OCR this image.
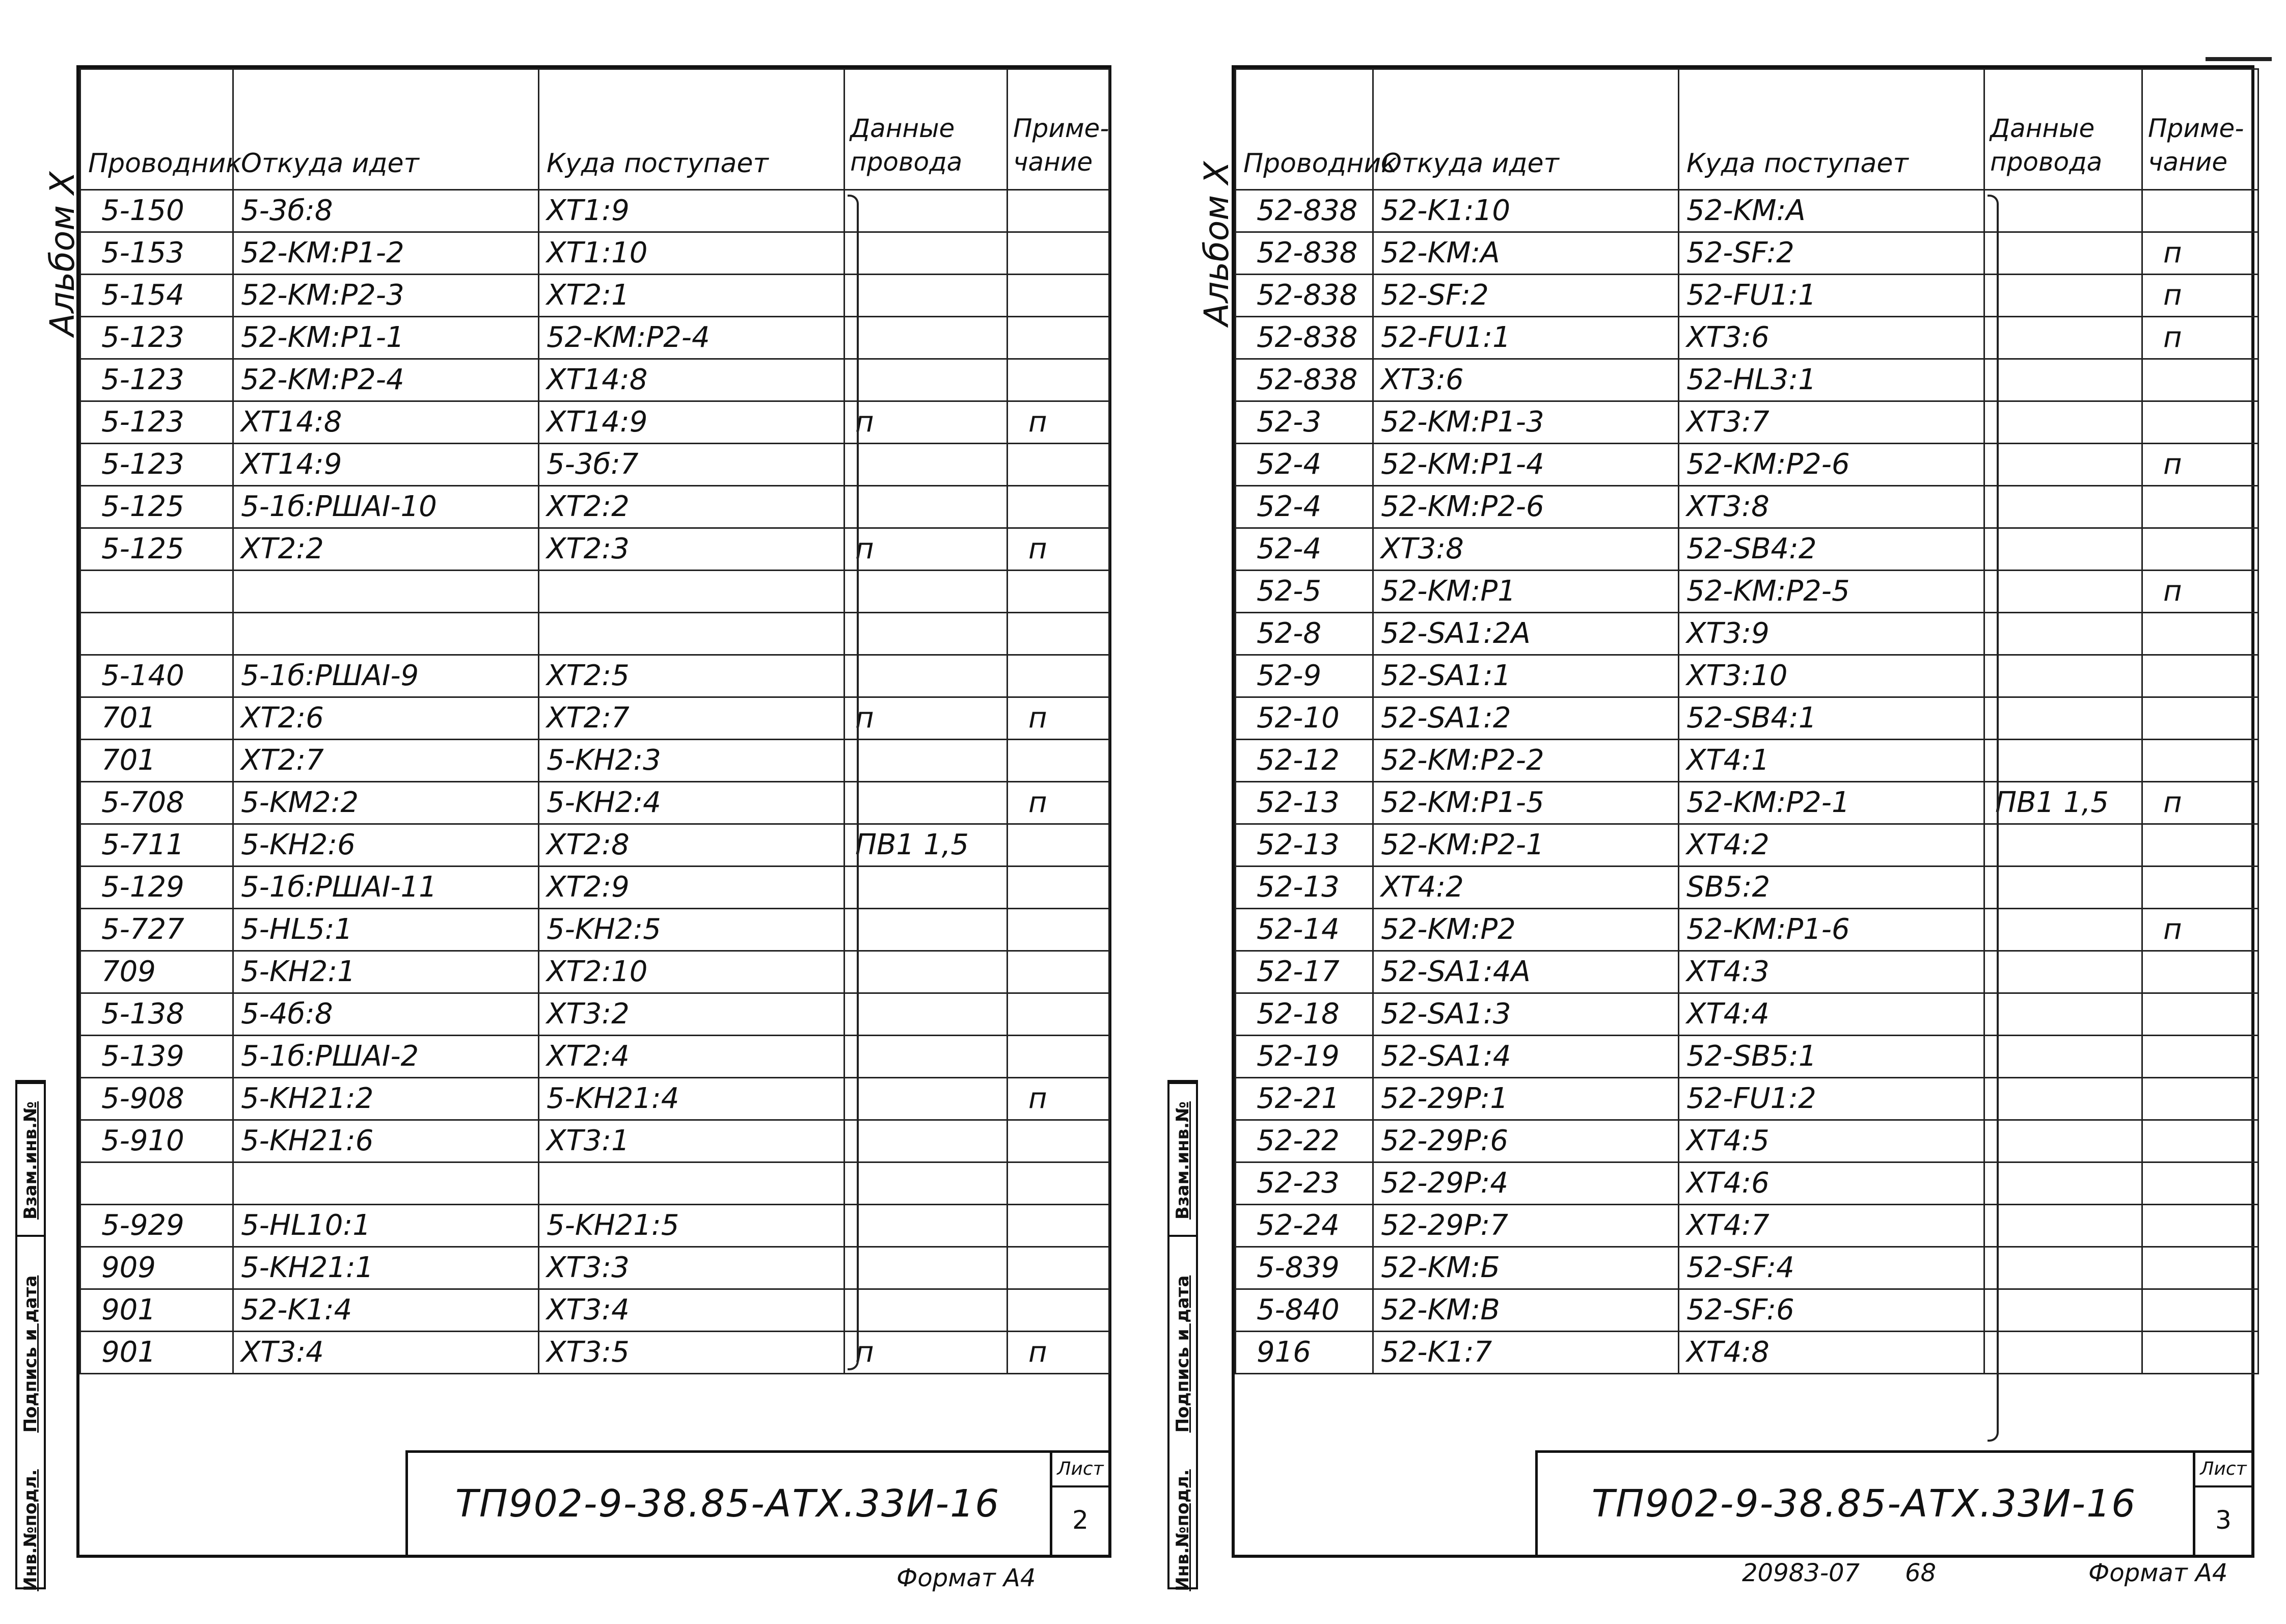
Альбом X	Альбом X
Инв.№подл.
Подпись и дата
Взам.инв.№
Инв.№подл.
Подпись и дата
Взам.инв.№
Проводник	Откуда идет	Куда поступает	Данные провода	Приме- чание
5-150	5-3б:8	XT1:9		
5-153	52-KM:P1-2	XT1:10		
5-154	52-KM:P2-3	XT2:1		
5-123	52-KM:P1-1	52-KM:P2-4		
5-123	52-KM:P2-4	XT14:8		
5-123	XT14:8	XT14:9	п	п
5-123	XT14:9	5-3б:7		
5-125	5-1б:РШАI-10	XT2:2		
5-125	XT2:2	XT2:3	п	п

5-140	5-1б:РШАI-9	XT2:5		
701	XT2:6	XT2:7	п	п
701	XT2:7	5-KH2:3		
5-708	5-KM2:2	5-KH2:4		п
5-711	5-KH2:6	XT2:8	ПВ1 1,5	
5-129	5-1б:РШАI-11	XT2:9		
5-727	5-HL5:1	5-KH2:5		
709	5-KH2:1	XT2:10		
5-138	5-4б:8	XT3:2		
5-139	5-1б:РШАI-2	XT2:4		
5-908	5-KH21:2	5-KH21:4		п
5-910	5-KH21:6	XT3:1		

5-929	5-HL10:1	5-KH21:5		
909	5-KH21:1	XT3:3		
901	52-K1:4	XT3:4		
901	XT3:4	XT3:5	п	п
ТП902-9-38.85-АТХ.33И-16
Лист
2
Проводник	Откуда идет	Куда поступает	Данные провода	Приме- чание
52-838	52-K1:10	52-KM:A		
52-838	52-KM:A	52-SF:2		п
52-838	52-SF:2	52-FU1:1		п
52-838	52-FU1:1	XT3:6		п
52-838	XT3:6	52-HL3:1		
52-3	52-KM:P1-3	XT3:7		
52-4	52-KM:P1-4	52-KM:P2-6		п
52-4	52-KM:P2-6	XT3:8		
52-4	XT3:8	52-SB4:2		
52-5	52-KM:P1	52-KM:P2-5		п
52-8	52-SA1:2A	XT3:9		
52-9	52-SA1:1	XT3:10		
52-10	52-SA1:2	52-SB4:1		
52-12	52-KM:P2-2	XT4:1		
52-13	52-KM:P1-5	52-KM:P2-1	ПВ1 1,5	п
52-13	52-KM:P2-1	XT4:2		
52-13	XT4:2	SB5:2		
52-14	52-KM:P2	52-KM:P1-6		п
52-17	52-SA1:4A	XT4:3		
52-18	52-SA1:3	XT4:4		
52-19	52-SA1:4	52-SB5:1		
52-21	52-29P:1	52-FU1:2		
52-22	52-29P:6	XT4:5		
52-23	52-29P:4	XT4:6		
52-24	52-29P:7	XT4:7		
5-839	52-KM:Б	52-SF:4		
5-840	52-KM:B	52-SF:6		
916	52-K1:7	XT4:8		
ТП902-9-38.85-АТХ.33И-16
Лист
3
Формат А4	20983-07 68	Формат А4
